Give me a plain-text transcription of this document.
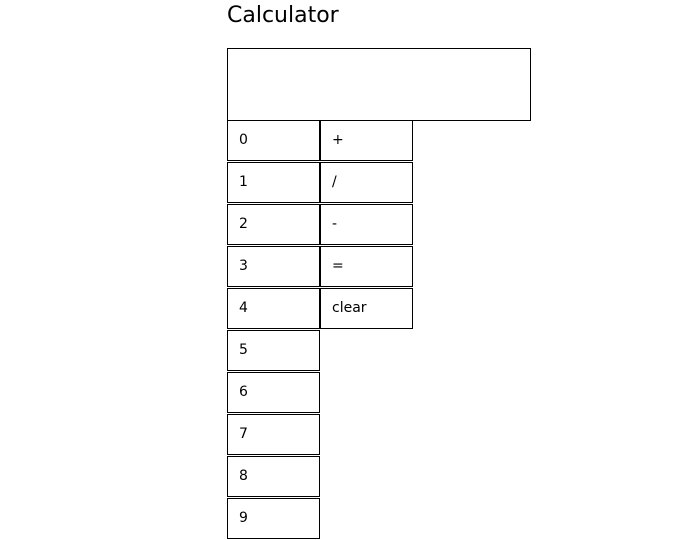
Calculator
0
1
2
3
4
5
6
7
8
9
+
/
-
=
clear
